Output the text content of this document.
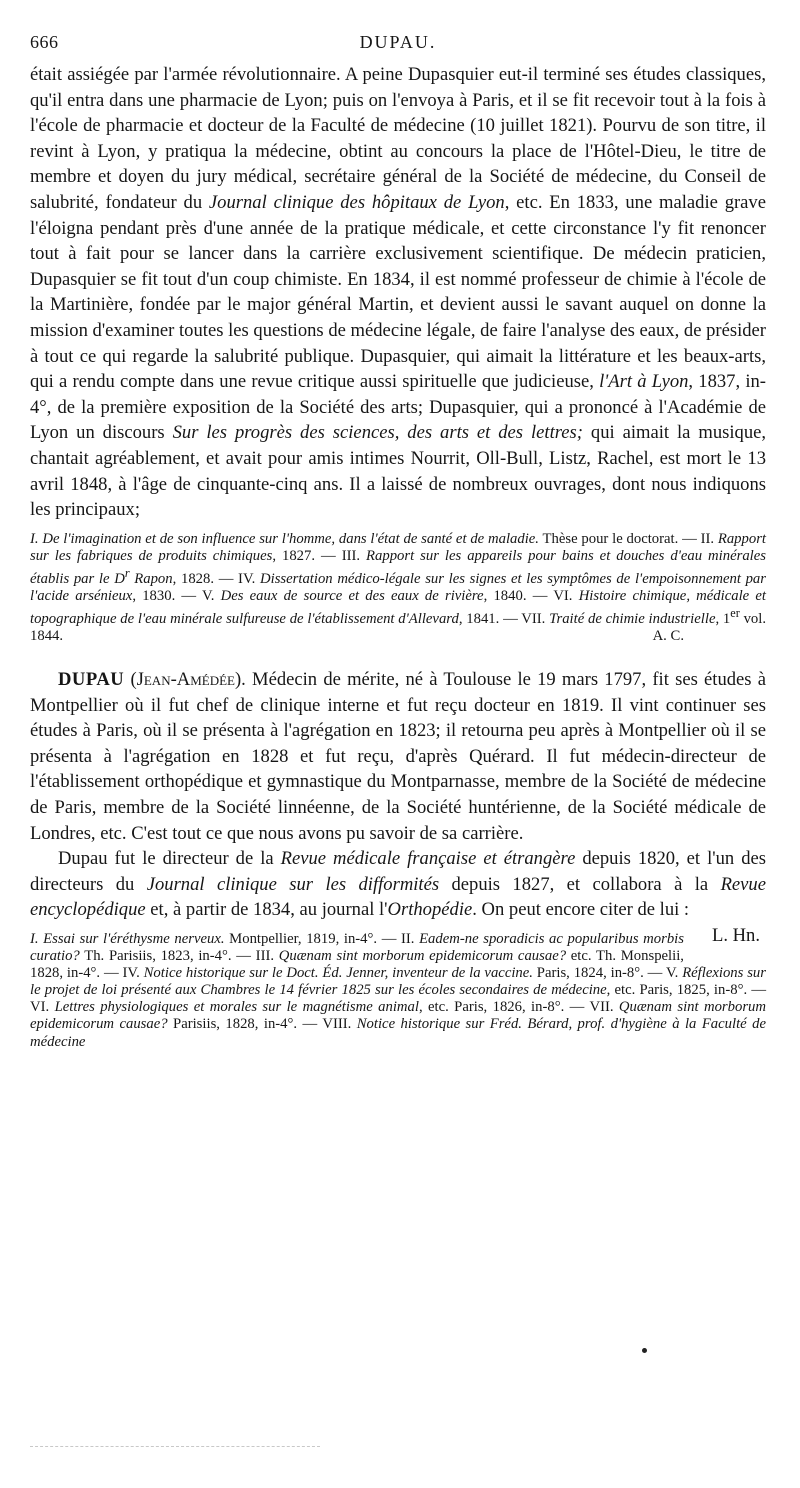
666	DUPAU.

était assiégée par l'armée révolutionnaire. A peine Dupasquier eut-il terminé ses études classiques, qu'il entra dans une pharmacie de Lyon; puis on l'envoya à Paris, et il se fit recevoir tout à la fois à l'école de pharmacie et docteur de la Faculté de médecine (10 juillet 1821). Pourvu de son titre, il revint à Lyon, y pratiqua la médecine, obtint au concours la place de l'Hôtel-Dieu, le titre de membre et doyen du jury médical, secrétaire général de la Société de médecine, du Conseil de salubrité, fondateur du Journal clinique des hôpitaux de Lyon, etc. En 1833, une maladie grave l'éloigna pendant près d'une année de la pratique médicale, et cette circonstance l'y fit renoncer tout à fait pour se lancer dans la carrière exclusivement scientifique. De médecin praticien, Dupasquier se fit tout d'un coup chimiste. En 1834, il est nommé professeur de chimie à l'école de la Martinière, fondée par le major général Martin, et devient aussi le savant auquel on donne la mission d'examiner toutes les questions de médecine légale, de faire l'analyse des eaux, de présider à tout ce qui regarde la salubrité publique. Dupasquier, qui aimait la littérature et les beaux-arts, qui a rendu compte dans une revue critique aussi spirituelle que judicieuse, l'Art à Lyon, 1837, in-4°, de la première exposition de la Société des arts; Dupasquier, qui a prononcé à l'Académie de Lyon un discours Sur les progrès des sciences, des arts et des lettres; qui aimait la musique, chantait agréablement, et avait pour amis intimes Nourrit, Oll-Bull, Listz, Rachel, est mort le 13 avril 1848, à l'âge de cinquante-cinq ans. Il a laissé de nombreux ouvrages, dont nous indiquons les principaux;

I. De l'imagination et de son influence sur l'homme, dans l'état de santé et de maladie. Thèse pour le doctorat. — II. Rapport sur les fabriques de produits chimiques, 1827. — III. Rapport sur les appareils pour bains et douches d'eau minérales établis par le $D^r$ Rapon, 1828. — IV. Dissertation médico-légale sur les signes et les symptômes de l'empoisonnement par l'acide arsénieux, 1830. — V. Des eaux de source et des eaux de rivière, 1840. — VI. Histoire chimique, médicale et topographique de l'eau minérale sulfureuse de l'établissement d'Allevard, 1841. — VII. Traité de chimie industrielle, 1er vol. 1844.	A. C.

DUPAU (Jean-Amédée). Médecin de mérite, né à Toulouse le 19 mars 1797, fit ses études à Montpellier où il fut chef de clinique interne et fut reçu docteur en 1819. Il vint continuer ses études à Paris, où il se présenta à l'agrégation en 1823; il retourna peu après à Montpellier où il se présenta à l'agrégation en 1828 et fut reçu, d'après Quérard. Il fut médecin-directeur de l'établissement orthopédique et gymnastique du Montparnasse, membre de la Société de médecine de Paris, membre de la Société linnéenne, de la Société huntérienne, de la Société médicale de Londres, etc. C'est tout ce que nous avons pu savoir de sa carrière.

Dupau fut le directeur de la Revue médicale française et étrangère depuis 1820, et l'un des directeurs du Journal clinique sur les difformités depuis 1827, et collabora à la Revue encyclopédique et, à partir de 1834, au journal l'Orthopédie. On peut encore citer de lui :
L. Hn.

I. Essai sur l'éréthysme nerveux. Montpellier, 1819, in-4°. — II. Eadem-ne sporadicis ac popularibus morbis curatio? Th. Parisiis, 1823, in-4°. — III. Quænam sint morborum epidemicorum causae? etc. Th. Monspelii, 1828, in-4°. — IV. Notice historique sur le Doct. Éd. Jenner, inventeur de la vaccine. Paris, 1824, in-8°. — V. Réflexions sur le projet de loi présenté aux Chambres le 14 février 1825 sur les écoles secondaires de médecine, etc. Paris, 1825, in-8°. — VI. Lettres physiologiques et morales sur le magnétisme animal, etc. Paris, 1826, in-8°. — VII. Quænam sint morborum epidemicorum causae? Parisiis, 1828, in-4°. — VIII. Notice historique sur Fréd. Bérard, prof. d'hygiène à la Faculté de médecine
